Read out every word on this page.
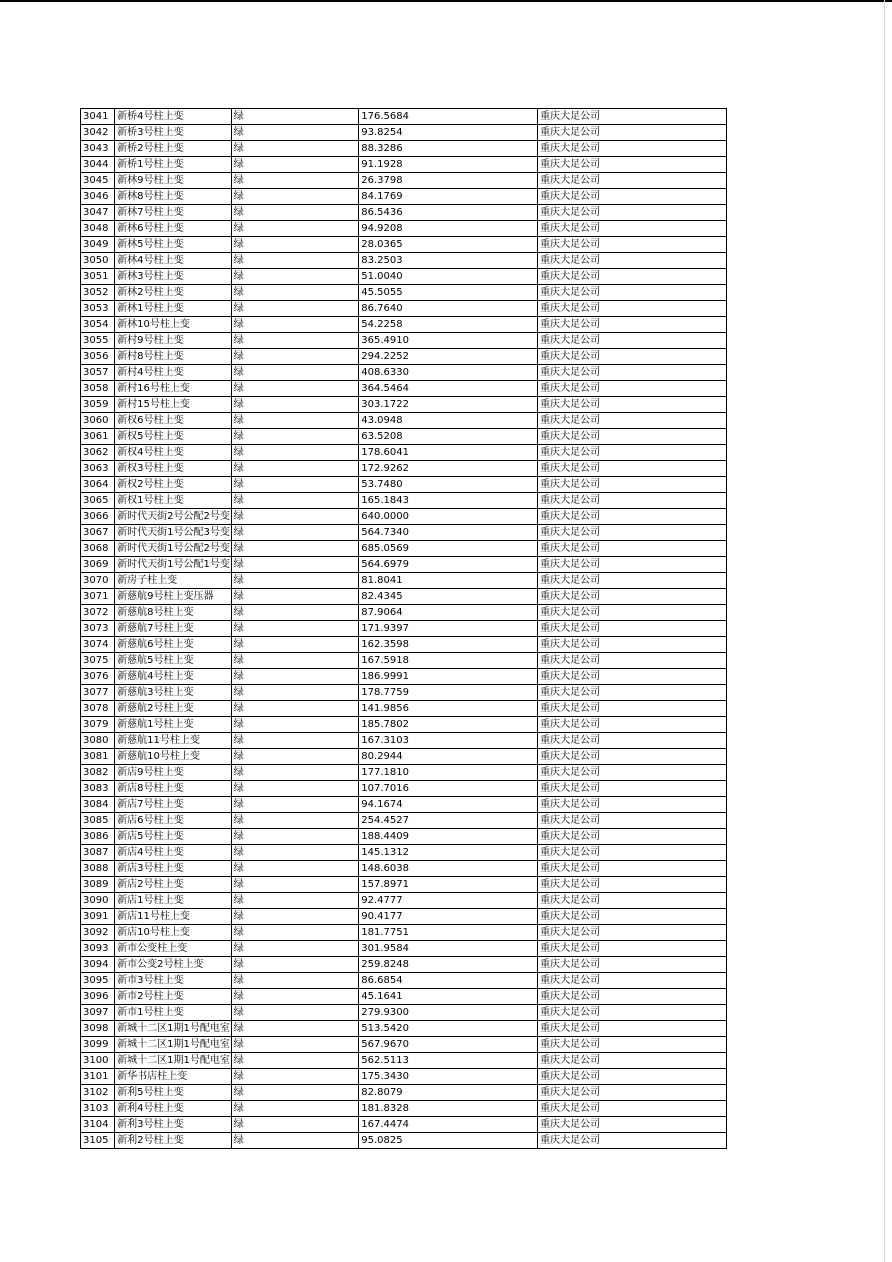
3041	新桥4号柱上变	绿	176.5684	重庆大足公司
3042	新桥3号柱上变	绿	93.8254	重庆大足公司
3043	新桥2号柱上变	绿	88.3286	重庆大足公司
3044	新桥1号柱上变	绿	91.1928	重庆大足公司
3045	新林9号柱上变	绿	26.3798	重庆大足公司
3046	新林8号柱上变	绿	84.1769	重庆大足公司
3047	新林7号柱上变	绿	86.5436	重庆大足公司
3048	新林6号柱上变	绿	94.9208	重庆大足公司
3049	新林5号柱上变	绿	28.0365	重庆大足公司
3050	新林4号柱上变	绿	83.2503	重庆大足公司
3051	新林3号柱上变	绿	51.0040	重庆大足公司
3052	新林2号柱上变	绿	45.5055	重庆大足公司
3053	新林1号柱上变	绿	86.7640	重庆大足公司
3054	新林10号柱上变	绿	54.2258	重庆大足公司
3055	新村9号柱上变	绿	365.4910	重庆大足公司
3056	新村8号柱上变	绿	294.2252	重庆大足公司
3057	新村4号柱上变	绿	408.6330	重庆大足公司
3058	新村16号柱上变	绿	364.5464	重庆大足公司
3059	新村15号柱上变	绿	303.1722	重庆大足公司
3060	新权6号柱上变	绿	43.0948	重庆大足公司
3061	新权5号柱上变	绿	63.5208	重庆大足公司
3062	新权4号柱上变	绿	178.6041	重庆大足公司
3063	新权3号柱上变	绿	172.9262	重庆大足公司
3064	新权2号柱上变	绿	53.7480	重庆大足公司
3065	新权1号柱上变	绿	165.1843	重庆大足公司
3066	新时代天街2号公配2号变	绿	640.0000	重庆大足公司
3067	新时代天街1号公配3号变	绿	564.7340	重庆大足公司
3068	新时代天街1号公配2号变	绿	685.0569	重庆大足公司
3069	新时代天街1号公配1号变	绿	564.6979	重庆大足公司
3070	新房子柱上变	绿	81.8041	重庆大足公司
3071	新慈航9号柱上变压器	绿	82.4345	重庆大足公司
3072	新慈航8号柱上变	绿	87.9064	重庆大足公司
3073	新慈航7号柱上变	绿	171.9397	重庆大足公司
3074	新慈航6号柱上变	绿	162.3598	重庆大足公司
3075	新慈航5号柱上变	绿	167.5918	重庆大足公司
3076	新慈航4号柱上变	绿	186.9991	重庆大足公司
3077	新慈航3号柱上变	绿	178.7759	重庆大足公司
3078	新慈航2号柱上变	绿	141.9856	重庆大足公司
3079	新慈航1号柱上变	绿	185.7802	重庆大足公司
3080	新慈航11号柱上变	绿	167.3103	重庆大足公司
3081	新慈航10号柱上变	绿	80.2944	重庆大足公司
3082	新店9号柱上变	绿	177.1810	重庆大足公司
3083	新店8号柱上变	绿	107.7016	重庆大足公司
3084	新店7号柱上变	绿	94.1674	重庆大足公司
3085	新店6号柱上变	绿	254.4527	重庆大足公司
3086	新店5号柱上变	绿	188.4409	重庆大足公司
3087	新店4号柱上变	绿	145.1312	重庆大足公司
3088	新店3号柱上变	绿	148.6038	重庆大足公司
3089	新店2号柱上变	绿	157.8971	重庆大足公司
3090	新店1号柱上变	绿	92.4777	重庆大足公司
3091	新店11号柱上变	绿	90.4177	重庆大足公司
3092	新店10号柱上变	绿	181.7751	重庆大足公司
3093	新市公变柱上变	绿	301.9584	重庆大足公司
3094	新市公变2号柱上变	绿	259.8248	重庆大足公司
3095	新市3号柱上变	绿	86.6854	重庆大足公司
3096	新市2号柱上变	绿	45.1641	重庆大足公司
3097	新市1号柱上变	绿	279.9300	重庆大足公司
3098	新城十二区1期1号配电室	绿	513.5420	重庆大足公司
3099	新城十二区1期1号配电室	绿	567.9670	重庆大足公司
3100	新城十二区1期1号配电室	绿	562.5113	重庆大足公司
3101	新华书店柱上变	绿	175.3430	重庆大足公司
3102	新利5号柱上变	绿	82.8079	重庆大足公司
3103	新利4号柱上变	绿	181.8328	重庆大足公司
3104	新利3号柱上变	绿	167.4474	重庆大足公司
3105	新利2号柱上变	绿	95.0825	重庆大足公司
